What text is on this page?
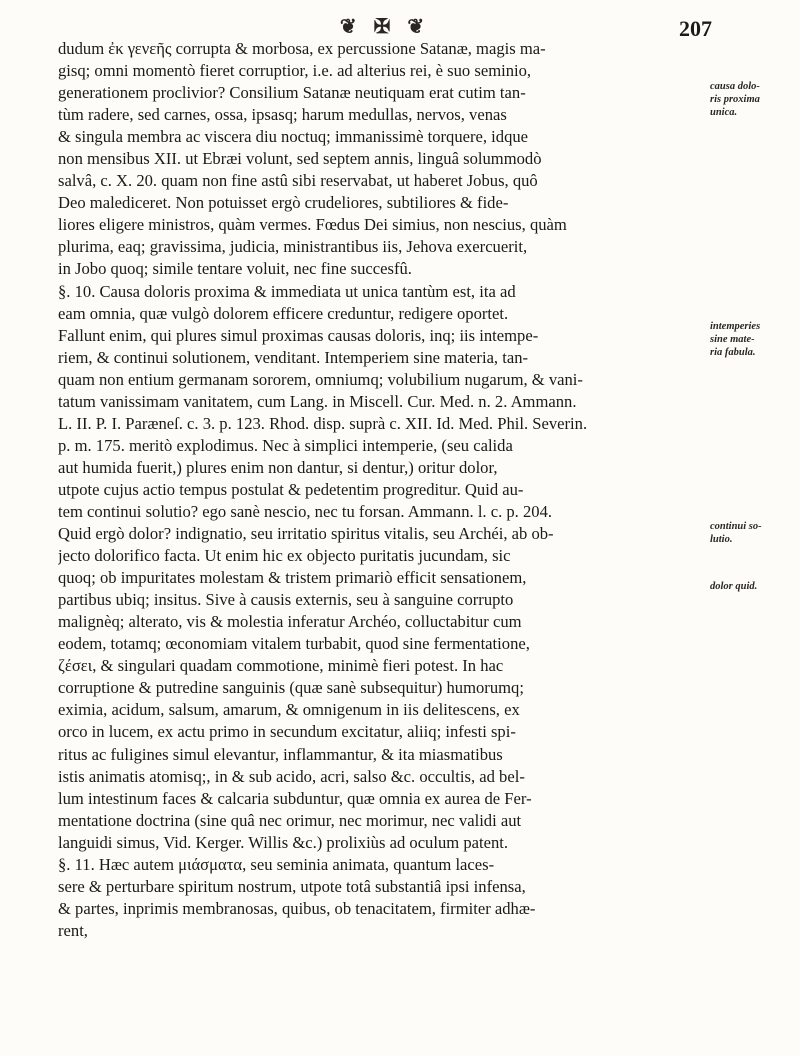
❦ ✠ ❦	207
dudum ἐκ γενεῆς corrupta & morbosa, ex percussione Satanæ, magis ma-
gisq; omni momentò fieret corruptior, i.e. ad alterius rei, è suo seminio,
generationem proclivior? Consilium Satanæ neutiquam erat cutim tan-
tùm radere, sed carnes, ossa, ipsasq; harum medullas, nervos, venas
& singula membra ac viscera diu noctuq; immanissimè torquere, idque
non mensibus XII. ut Ebræi volunt, sed septem annis, linguâ solummodò
salvâ, c. X. 20. quam non fine astû sibi reservabat, ut haberet Jobus, quô
Deo malediceret. Non potuisset ergò crudeliores, subtiliores & fide-
liores eligere ministros, quàm vermes. Fœdus Dei simius, non nescius, quàm
plurima, eaq; gravissima, judicia, ministrantibus iis, Jehova exercuerit,
in Jobo quoq; simile tentare voluit, nec fine succesfû.
§. 10. Causa doloris proxima & immediata ut unica tantùm est, ita ad
eam omnia, quæ vulgò dolorem efficere creduntur, redigere oportet.
Fallunt enim, qui plures simul proximas causas doloris, inq; iis intempe-
riem, & continui solutionem, venditant. Intemperiem sine materia, tan-
quam non entium germanam sororem, omniumq; volubilium nugarum, & vani-
tatum vanissimam vanitatem, cum Lang. in Miscell. Cur. Med. n. 2. Ammann.
L. II. P. I. Paræneſ. c. 3. p. 123. Rhod. disp. suprà c. XII. Id. Med. Phil. Severin.
p. m. 175. meritò explodimus. Nec à simplici intemperie, (seu calida
aut humida fuerit,) plures enim non dantur, si dentur,) oritur dolor,
utpote cujus actio tempus postulat & pedetentim progreditur. Quid au-
tem continui solutio? ego sanè nescio, nec tu forsan. Ammann. l. c. p. 204.
Quid ergò dolor? indignatio, seu irritatio spiritus vitalis, seu Archéi, ab ob-
jecto dolorifico facta. Ut enim hic ex objecto puritatis jucundam, sic
quoq; ob impuritates molestam & tristem primariò efficit sensationem,
partibus ubiq; insitus. Sive à causis externis, seu à sanguine corrupto
malignèq; alterato, vis & molestia inferatur Archéo, colluctabitur cum
eodem, totamq; œconomiam vitalem turbabit, quod sine fermentatione,
ζέσει, & singulari quadam commotione, minimè fieri potest. In hac
corruptione & putredine sanguinis (quæ sanè subsequitur) humorumq;
eximia, acidum, salsum, amarum, & omnigenum in iis delitescens, ex
orco in lucem, ex actu primo in secundum excitatur, aliiq; infesti spi-
ritus ac fuligines simul elevantur, inflammantur, & ita miasmatibus
istis animatis atomisq;, in & sub acido, acri, salso &c. occultis, ad bel-
lum intestinum faces & calcaria subduntur, quæ omnia ex aurea de Fer-
mentatione doctrina (sine quâ nec orimur, nec morimur, nec validi aut
languidi simus, Vid. Kerger. Willis &c.) prolixiùs ad oculum patent.
§. 11. Hæc autem μιάσματα, seu seminia animata, quantum laces-
sere & perturbare spiritum nostrum, utpote totâ substantiâ ipsi infensa,
& partes, inprimis membranosas, quibus, ob tenacitatem, firmiter adhæ-
rent,
causa dolo-
ris proxima
unica.
intemperies
sine mate-
ria fabula.
continui so-
lutio.
dolor quid.
